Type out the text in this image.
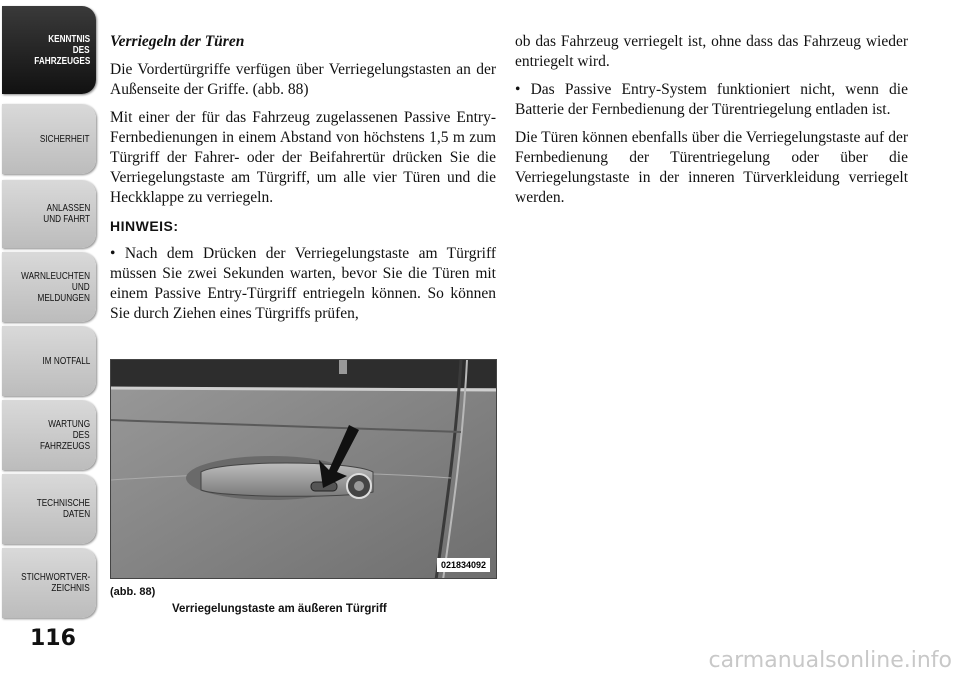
KENNTNIS
DES
FAHRZEUGES
SICHERHEIT
ANLASSEN
UND FAHRT
WARNLEUCHTEN
UND
MELDUNGEN
IM NOTFALL
WARTUNG
DES
FAHRZEUGS
TECHNISCHE
DATEN
STICHWORTVER-
ZEICHNIS
116

Verriegeln der Türen

Die Vordertürgriffe verfügen über Verriegelungstasten an der Außenseite der Griffe. (abb. 88)

Mit einer der für das Fahrzeug zugelassenen Passive Entry-Fernbedienungen in einem Abstand von höchstens 1,5 m zum Türgriff der Fahrer- oder der Beifahrertür drücken Sie die Verriegelungstaste am Türgriff, um alle vier Türen und die Heckklappe zu verriegeln.

HINWEIS:

• Nach dem Drücken der Verriegelungstaste am Türgriff müssen Sie zwei Sekunden warten, bevor Sie die Türen mit einem Passive Entry-Türgriff entriegeln können. So können Sie durch Ziehen eines Türgriffs prüfen,

ob das Fahrzeug verriegelt ist, ohne dass das Fahrzeug wieder entriegelt wird.

• Das Passive Entry-System funktioniert nicht, wenn die Batterie der Fernbedienung der Türentriegelung entladen ist.

Die Türen können ebenfalls über die Verriegelungstaste auf der Fernbedienung der Türentriegelung oder über die Verriegelungstaste in der inneren Türverkleidung verriegelt werden.

021834092
(abb. 88)
Verriegelungstaste am äußeren Türgriff
carmanualsonline.info
